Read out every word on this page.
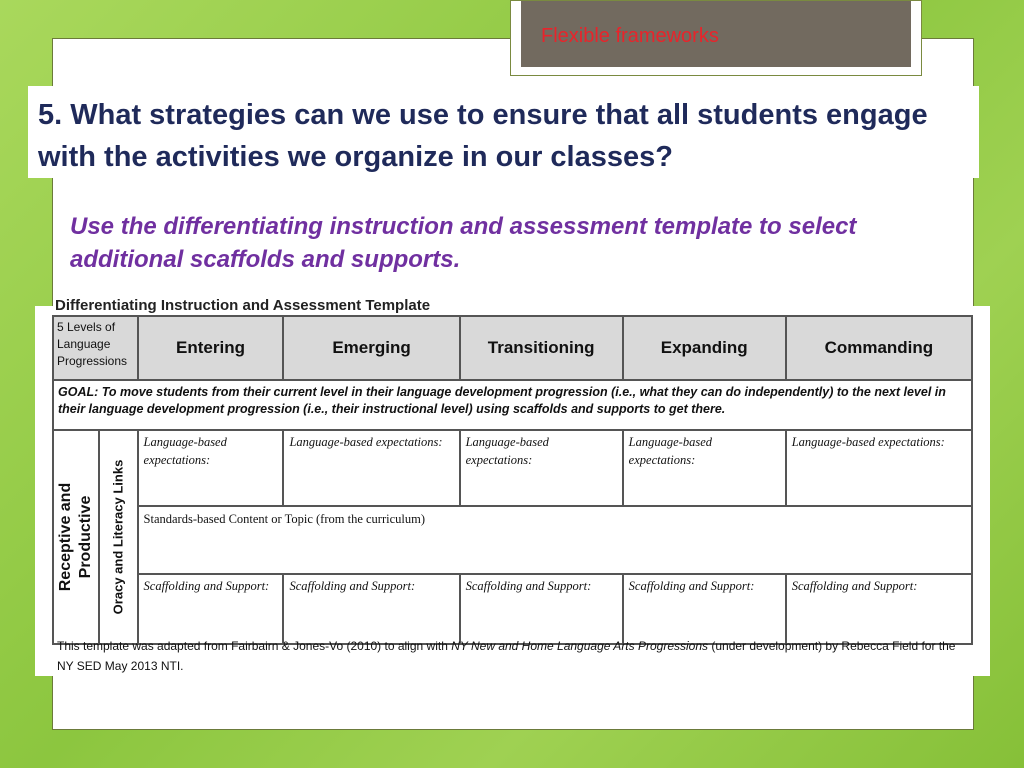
Flexible frameworks
5. What strategies can we use to ensure that all students engage with the activities we organize in our classes?
Use the differentiating instruction and assessment template to select additional scaffolds and supports.
Differentiating Instruction and Assessment Template
5 Levels of Language Progressions		Entering	Emerging	Transitioning	Expanding	Commanding
GOAL: To move students from their current level in their language development progression (i.e., what they can do independently) to the next level in their language development progression (i.e., their instructional level) using scaffolds and supports to get there.						

Receptive and Productive	Oracy and Literacy Links	Language-based expectations:	Language-based expectations:	Language-based expectations:	Language-based expectations:	Language-based expectations:
		Standards-based Content or Topic (from the curriculum)				
		Scaffolding and Support:	Scaffolding and Support:	Scaffolding and Support:	Scaffolding and Support:	Scaffolding and Support:
This template was adapted from Fairbairn & Jones-Vo (2010) to align with NY New and Home Language Arts Progressions (under development) by Rebecca Field for the NY SED May 2013 NTI.
